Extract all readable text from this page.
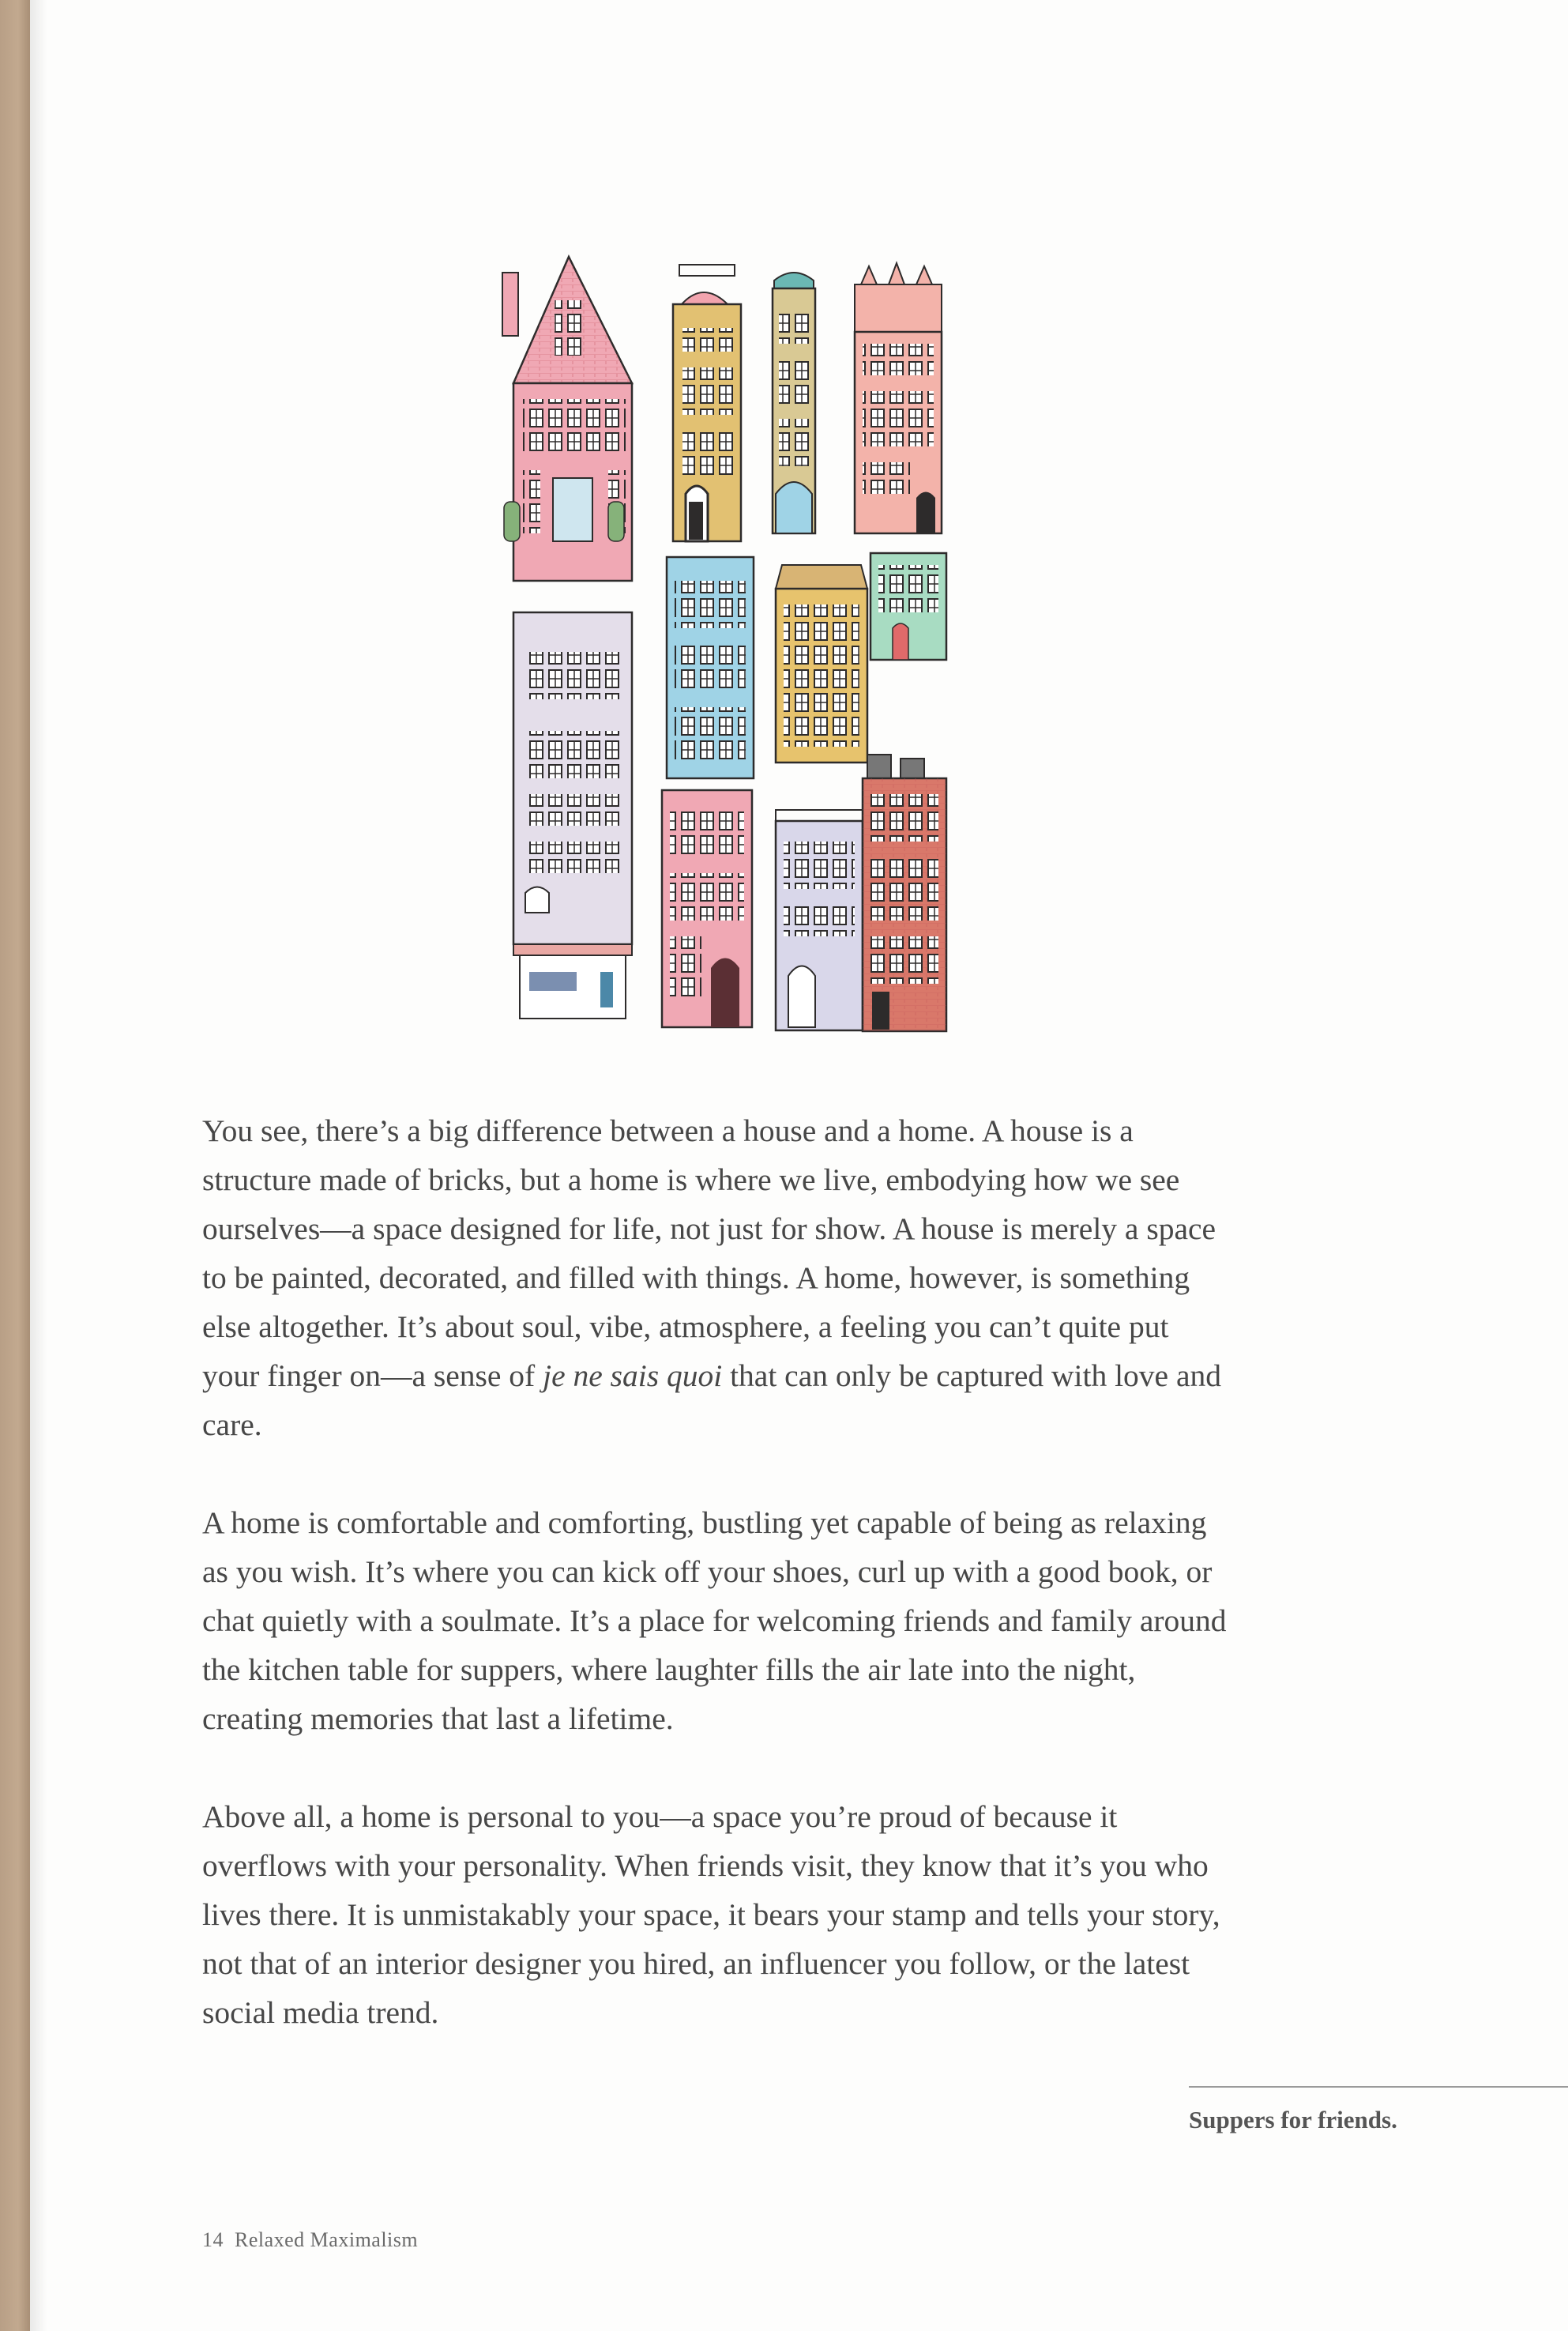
You see, there’s a big difference between a house and a home. A house is a structure made of bricks, but a home is where we live, embodying how we see ourselves—a space designed for life, not just for show. A house is merely a space to be painted, decorated, and filled with things. A home, however, is something else altogether. It’s about soul, vibe, atmosphere, a feeling you can’t quite put your finger on—a sense of je ne sais quoi that can only be captured with love and care.

A home is comfortable and comforting, bustling yet capable of being as relaxing as you wish. It’s where you can kick off your shoes, curl up with a good book, or chat quietly with a soulmate. It’s a place for welcoming friends and family around the kitchen table for suppers, where laughter fills the air late into the night, creating memories that last a lifetime.

Above all, a home is personal to you—a space you’re proud of because it overflows with your personality. When friends visit, they know that it’s you who lives there. It is unmistakably your space, it bears your stamp and tells your story, not that of an interior designer you hired, an influencer you follow, or the latest social media trend.

Suppers for friends.
14 Relaxed Maximalism
